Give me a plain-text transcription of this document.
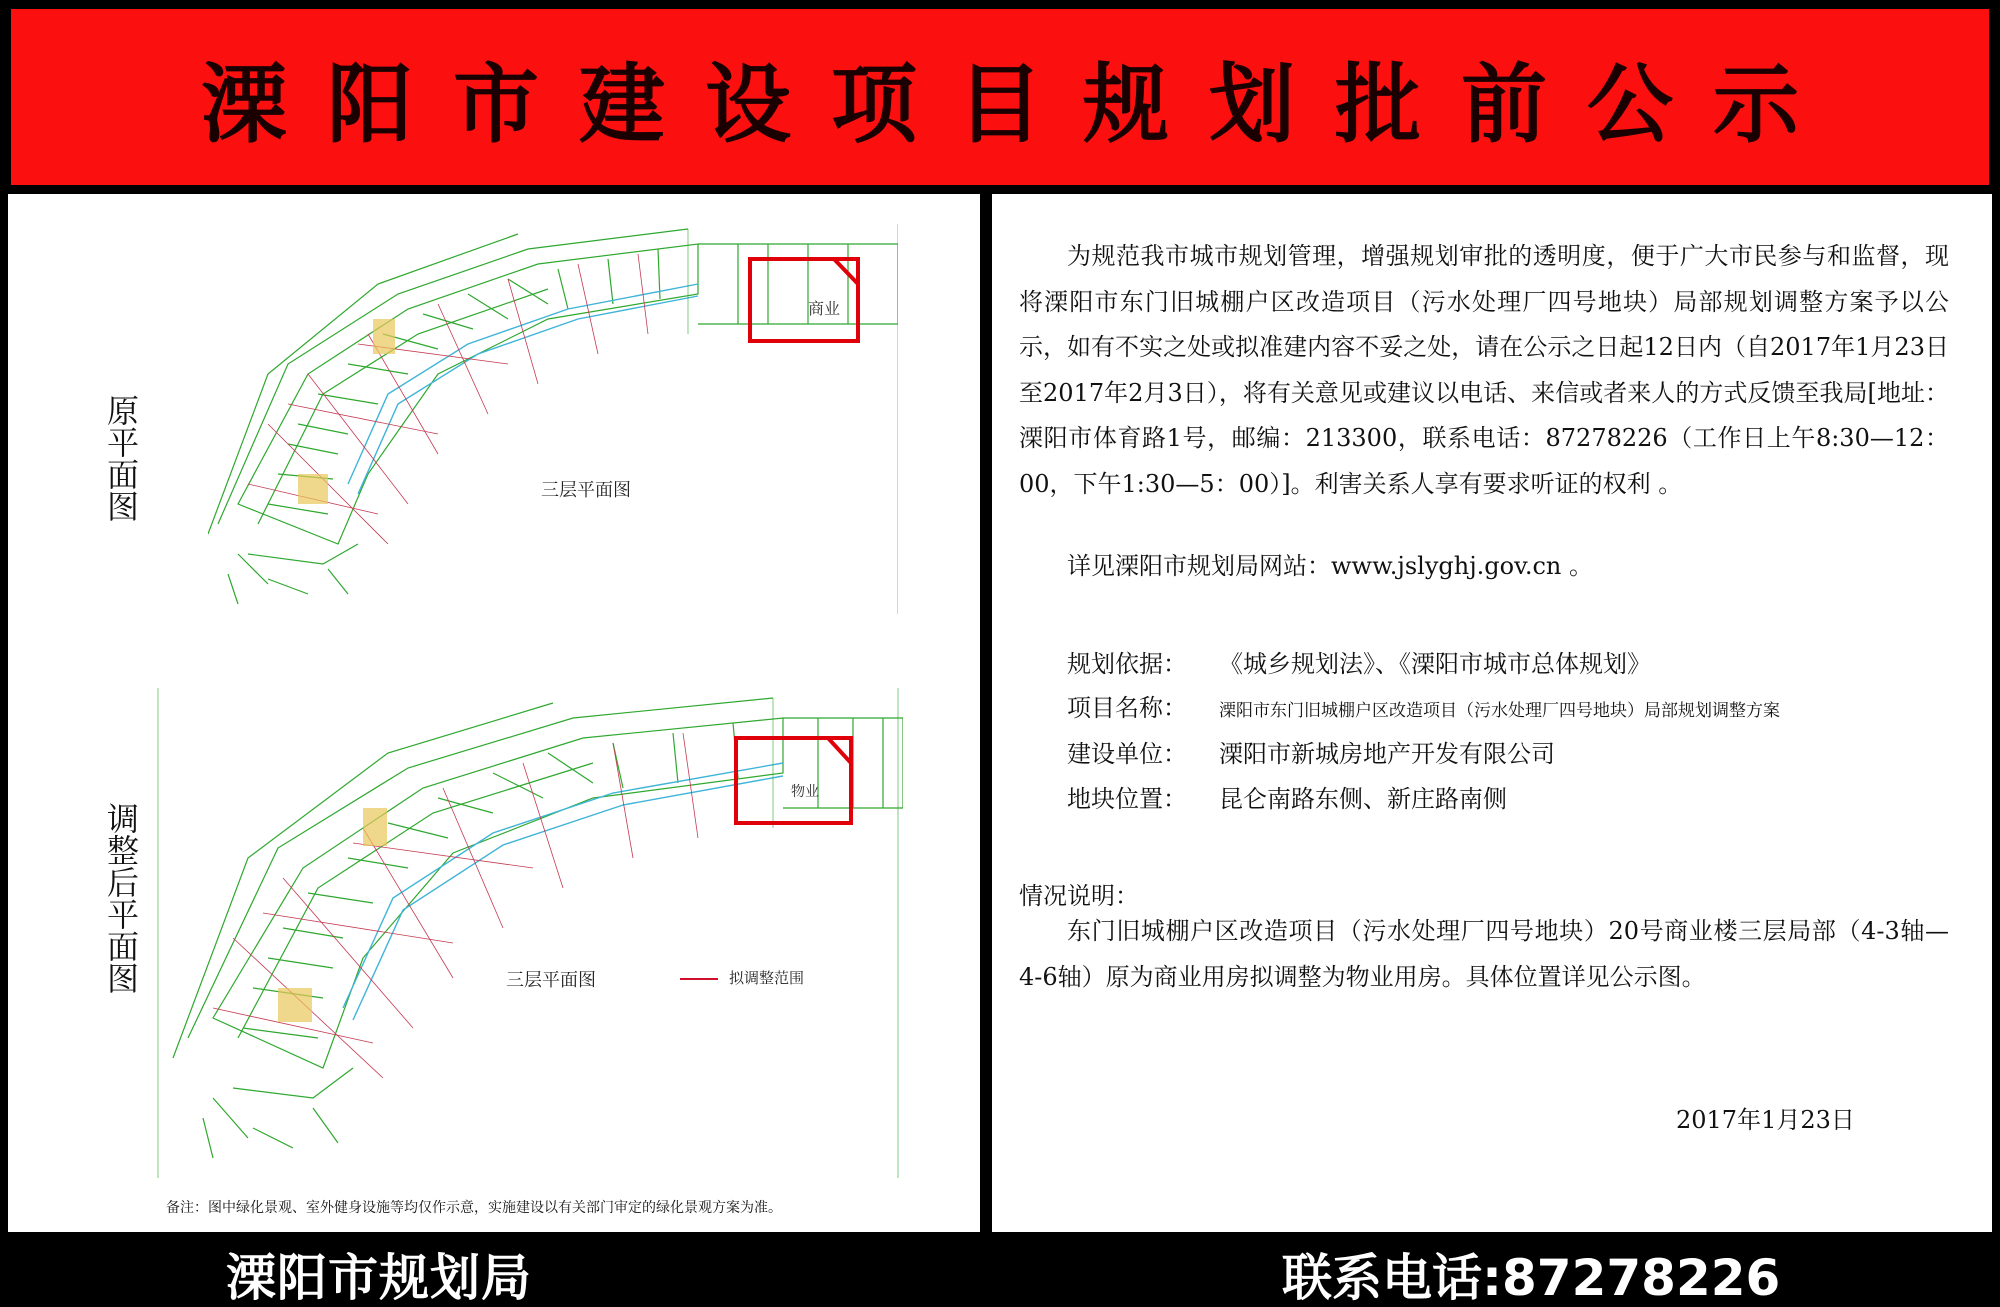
溧阳市建设项目规划批前公示
原平面图
商业
三层平面图
调整后平面图
物业
三层平面图	拟调整范围
备注：图中绿化景观、室外健身设施等均仅作示意，实施建设以有关部门审定的绿化景观方案为准。
为规范我市城市规划管理，增强规划审批的透明度，便于广大市民参与和监督，现将溧阳市东门旧城棚户区改造项目（污水处理厂四号地块）局部规划调整方案予以公示，如有不实之处或拟准建内容不妥之处，请在公示之日起12日内（自2017年1月23日至2017年2月3日），将有关意见或建议以电话、来信或者来人的方式反馈至我局[地址：溧阳市体育路1号，邮编：213300，联系电话：87278226（工作日上午8:30—12：00，下午1:30—5：00）]。利害关系人享有要求听证的权利 。
详见溧阳市规划局网站：www.jslyghj.gov.cn 。
规划依据： 《城乡规划法》、《溧阳市城市总体规划》
项目名称： 溧阳市东门旧城棚户区改造项目（污水处理厂四号地块）局部规划调整方案
建设单位： 溧阳市新城房地产开发有限公司
地块位置： 昆仑南路东侧、新庄路南侧
情况说明：
东门旧城棚户区改造项目（污水处理厂四号地块）20号商业楼三层局部（4-3轴—4-6轴）原为商业用房拟调整为物业用房。具体位置详见公示图。
2017年1月23日
溧阳市规划局	联系电话:87278226
